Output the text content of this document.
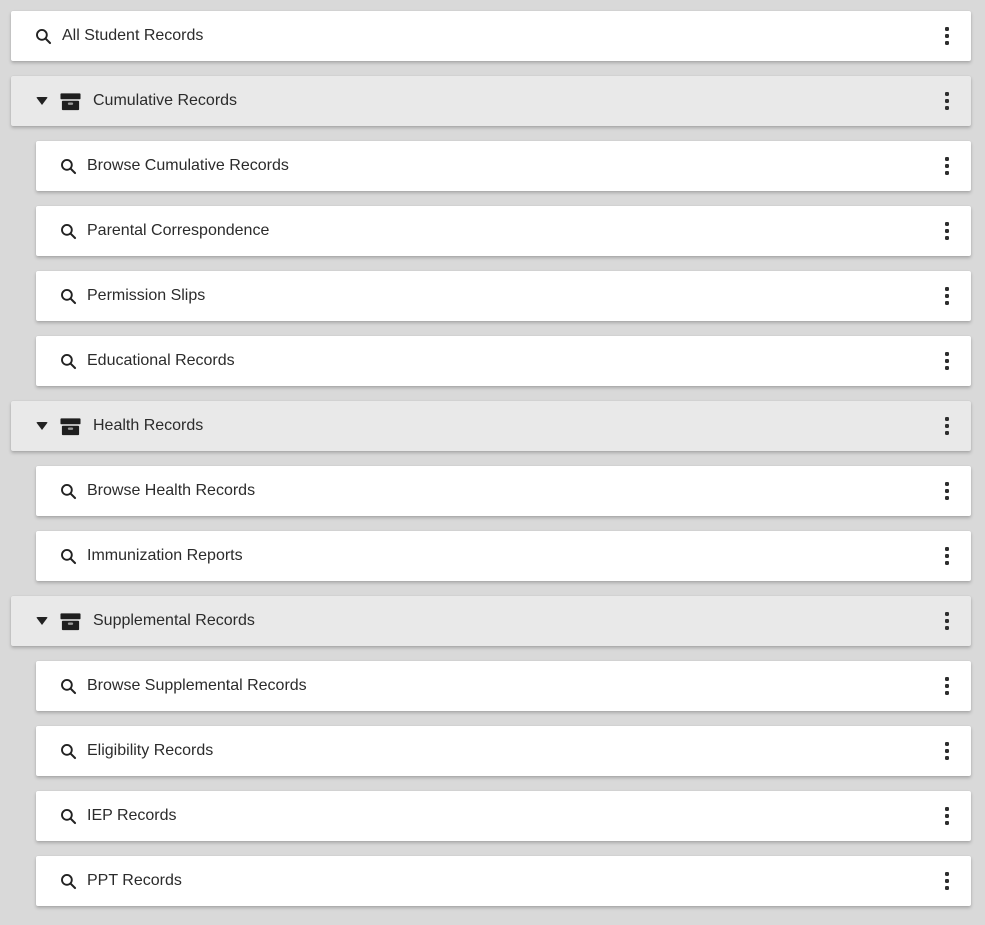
All Student Records
Cumulative Records
Browse Cumulative Records
Parental Correspondence
Permission Slips
Educational Records
Health Records
Browse Health Records
Immunization Reports
Supplemental Records
Browse Supplemental Records
Eligibility Records
IEP Records
PPT Records
